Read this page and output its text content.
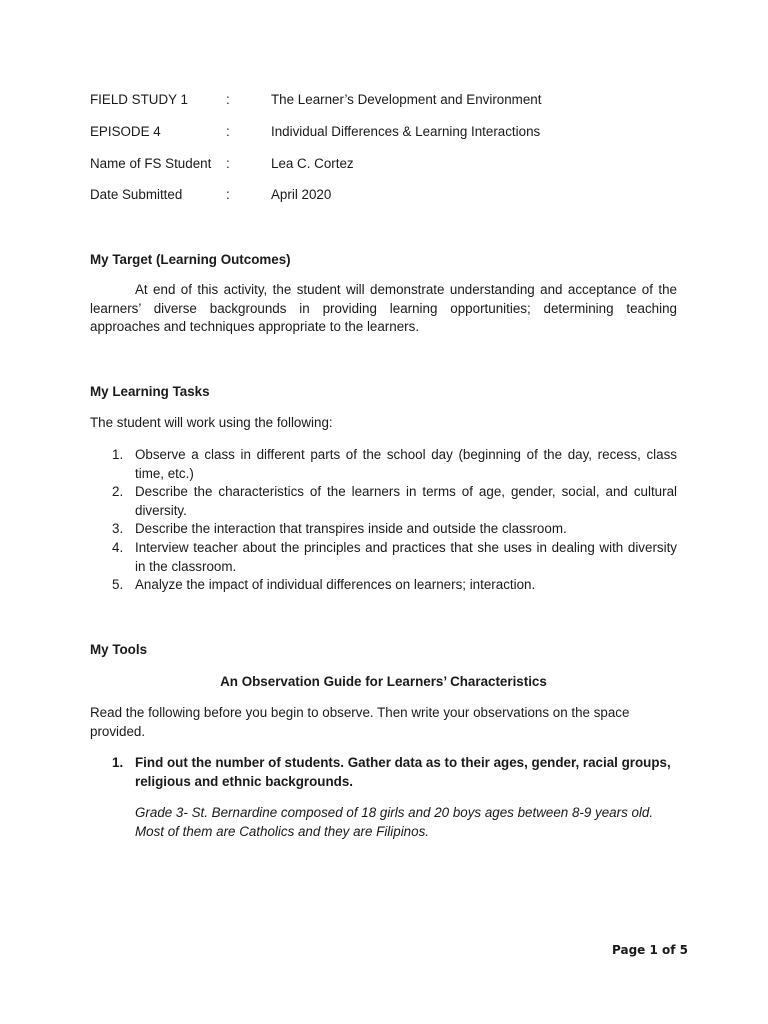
FIELD STUDY 1	:	The Learner’s Development and Environment
EPISODE 4	:	Individual Differences & Learning Interactions
Name of FS Student :	Lea C. Cortez
Date Submitted	:	April 2020
My Target (Learning Outcomes)
At end of this activity, the student will demonstrate understanding and acceptance of the learners’ diverse backgrounds in providing learning opportunities; determining teaching approaches and techniques appropriate to the learners.
My Learning Tasks
The student will work using the following:
1. Observe a class in different parts of the school day (beginning of the day, recess, class time, etc.)
2. Describe the characteristics of the learners in terms of age, gender, social, and cultural diversity.
3. Describe the interaction that transpires inside and outside the classroom.
4. Interview teacher about the principles and practices that she uses in dealing with diversity in the classroom.
5. Analyze the impact of individual differences on learners; interaction.
My Tools
An Observation Guide for Learners’ Characteristics
Read the following before you begin to observe. Then write your observations on the space provided.
1. Find out the number of students. Gather data as to their ages, gender, racial groups, religious and ethnic backgrounds.
Grade 3- St. Bernardine composed of 18 girls and 20 boys ages between 8-9 years old. Most of them are Catholics and they are Filipinos.
Page 1 of 5
